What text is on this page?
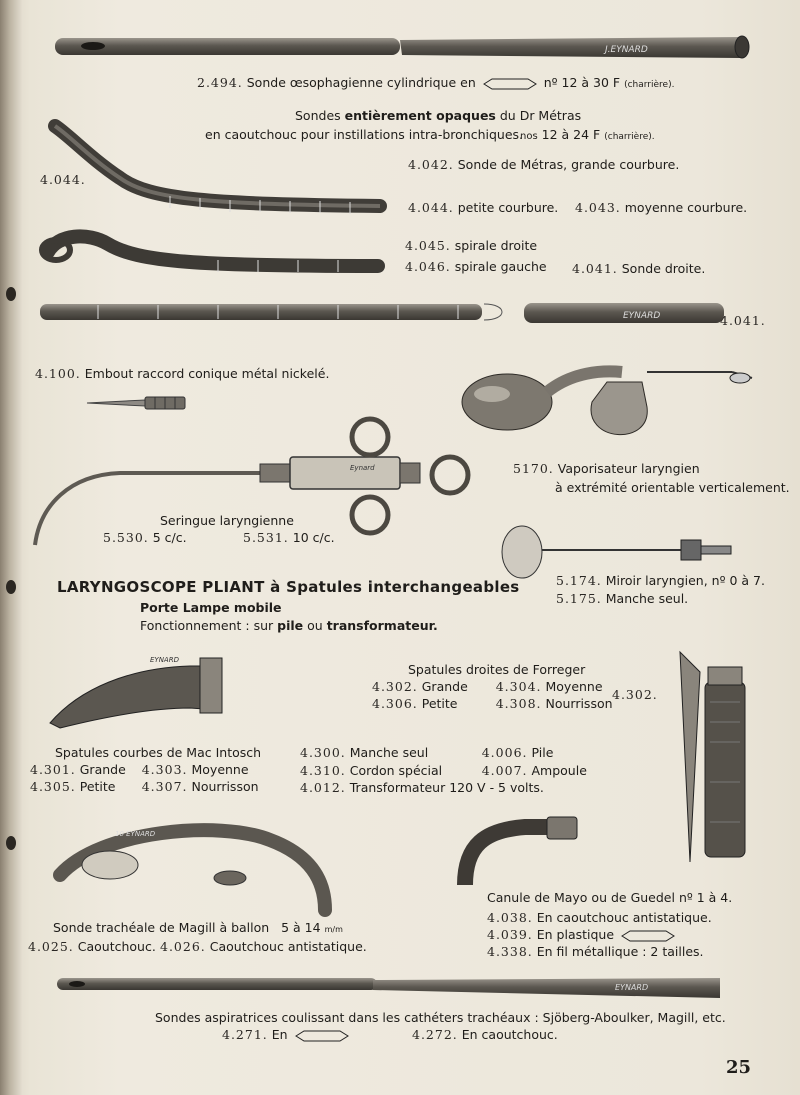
J.EYNARD
EYNARD
Eynard
EYNARD
10 EYNARD
EYNARD
2.494. Sonde œsophagienne cylindrique en	nº 12 à 30 F (charrière).
Sondes entièrement opaques du Dr Métras
en caoutchouc pour instillations intra-bronchiques.
nos 12 à 24 F (charrière).
4.042. Sonde de Métras, grande courbure.
4.044.
4.044. petite courbure. 4.043. moyenne courbure.
4.045. spirale droite
4.046. spirale gauche 4.041. Sonde droite.
4.041.
4.100. Embout raccord conique métal nickelé.
5170. Vaporisateur laryngien
à extrémité orientable verticalement.
Seringue laryngienne
5.530. 5 c/c.	5.531. 10 c/c.
5.174. Miroir laryngien, nº 0 à 7.
5.175. Manche seul.
LARYNGOSCOPE PLIANT à Spatules interchangeables
Porte Lampe mobile
Fonctionnement : sur pile ou transformateur.
Spatules droites de Forreger
4.302. Grande 4.304. Moyenne
4.306. Petite	4.308. Nourrisson
4.302.
Spatules courbes de Mac Intosch
4.301. Grande 4.303. Moyenne
4.305. Petite 4.307. Nourrisson
4.300. Manche seul	4.006. Pile
4.310. Cordon spécial	4.007. Ampoule
4.012. Transformateur 120 V - 5 volts.
Sonde trachéale de Magill à ballon 5 à 14 m/m
4.025. Caoutchouc. 4.026. Caoutchouc antistatique.
Canule de Mayo ou de Guedel nº 1 à 4.
4.038. En caoutchouc antistatique.
4.039. En plastique
4.338. En fil métallique : 2 tailles.
Sondes aspiratrices coulissant dans les cathéters trachéaux : Sjöberg-Aboulker, Magill, etc.
4.271. En	4.272. En caoutchouc.
25
